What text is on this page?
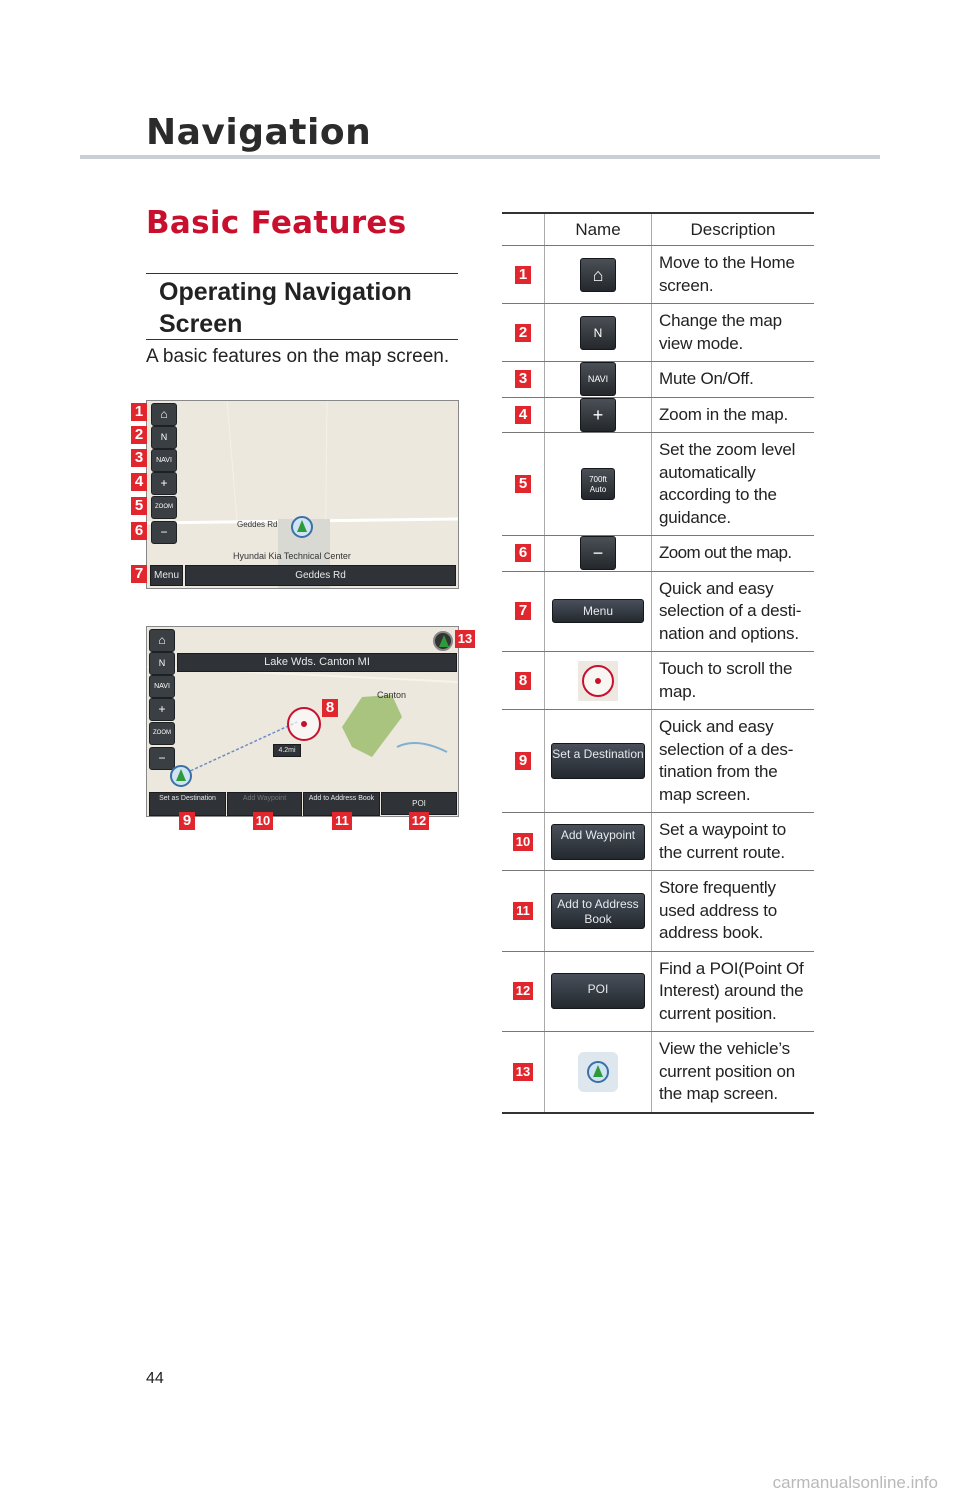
Navigation
Basic Features
Operating Navigation Screen
A basic features on the map screen.
⌂
N
NAVI
+
ZOOM
−
Geddes Rd
Hyundai Kia Technical Center
Menu	Geddes Rd
1
2
3
4
5
6
7
⌂
N
NAVI
+
ZOOM
−
Lake Wds. Canton MI
Canton
4.2mi
Set as Destination	Add Waypoint	Add to Address Book
POI
8
9	10	11	12
13
	Name	Description
1	⌂	Move to the Home screen.
2	N	Change the map view mode.
3	NAVI	Mute On/Off.
4	+	Zoom in the map.
5	700ft Auto	Set the zoom level automatically according to the guidance.
6	−	Zoom out the map.
7	Menu	Quick and easy selection of a desti-nation and options.
8		Touch to scroll the map.
9	Set a Destination	Quick and easy selection of a des-tination from the map screen.
10	Add Waypoint	Set a waypoint to the current route.
11	Add to Address Book	Store frequently used address to address book.
12	POI	Find a POI(Point Of Interest) around the current position.
13		View the vehicle’s current position on the map screen.
44
carmanualsonline.info
